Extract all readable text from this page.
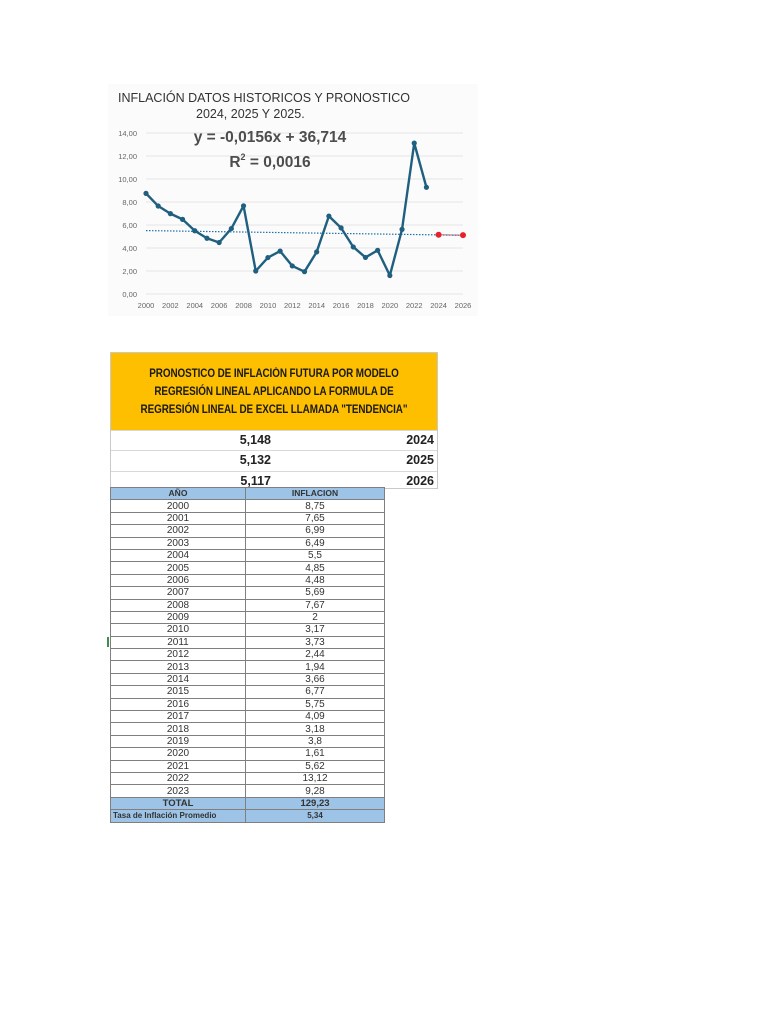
INFLACIÓN DATOS HISTORICOS Y PRONOSTICO
2024, 2025 Y 2025.
0,00
2,00
4,00
6,00
8,00
10,00
12,00
14,00
2000 2002 2004 2006 2008 2010 2012 2014 2016 2018 2020 2022 2024 2026
y = -0,0156x + 36,714
$R^2 = 0,0016$
PRONOSTICO DE INFLACIÓN FUTURA POR MODELO REGRESIÓN LINEAL APLICANDO LA FORMULA DE REGRESIÓN LINEAL DE EXCEL LLAMADA "TENDENCIA"
5,148	2024
5,132	2025
5,117	2026
AÑO	INFLACION
2000	8,75
2001	7,65
2002	6,99
2003	6,49
2004	5,5
2005	4,85
2006	4,48
2007	5,69
2008	7,67
2009	2
2010	3,17
2011	3,73
2012	2,44
2013	1,94
2014	3,66
2015	6,77
2016	5,75
2017	4,09
2018	3,18
2019	3,8
2020	1,61
2021	5,62
2022	13,12
2023	9,28
TOTAL	129,23
Tasa de Inflación Promedio	5,34
